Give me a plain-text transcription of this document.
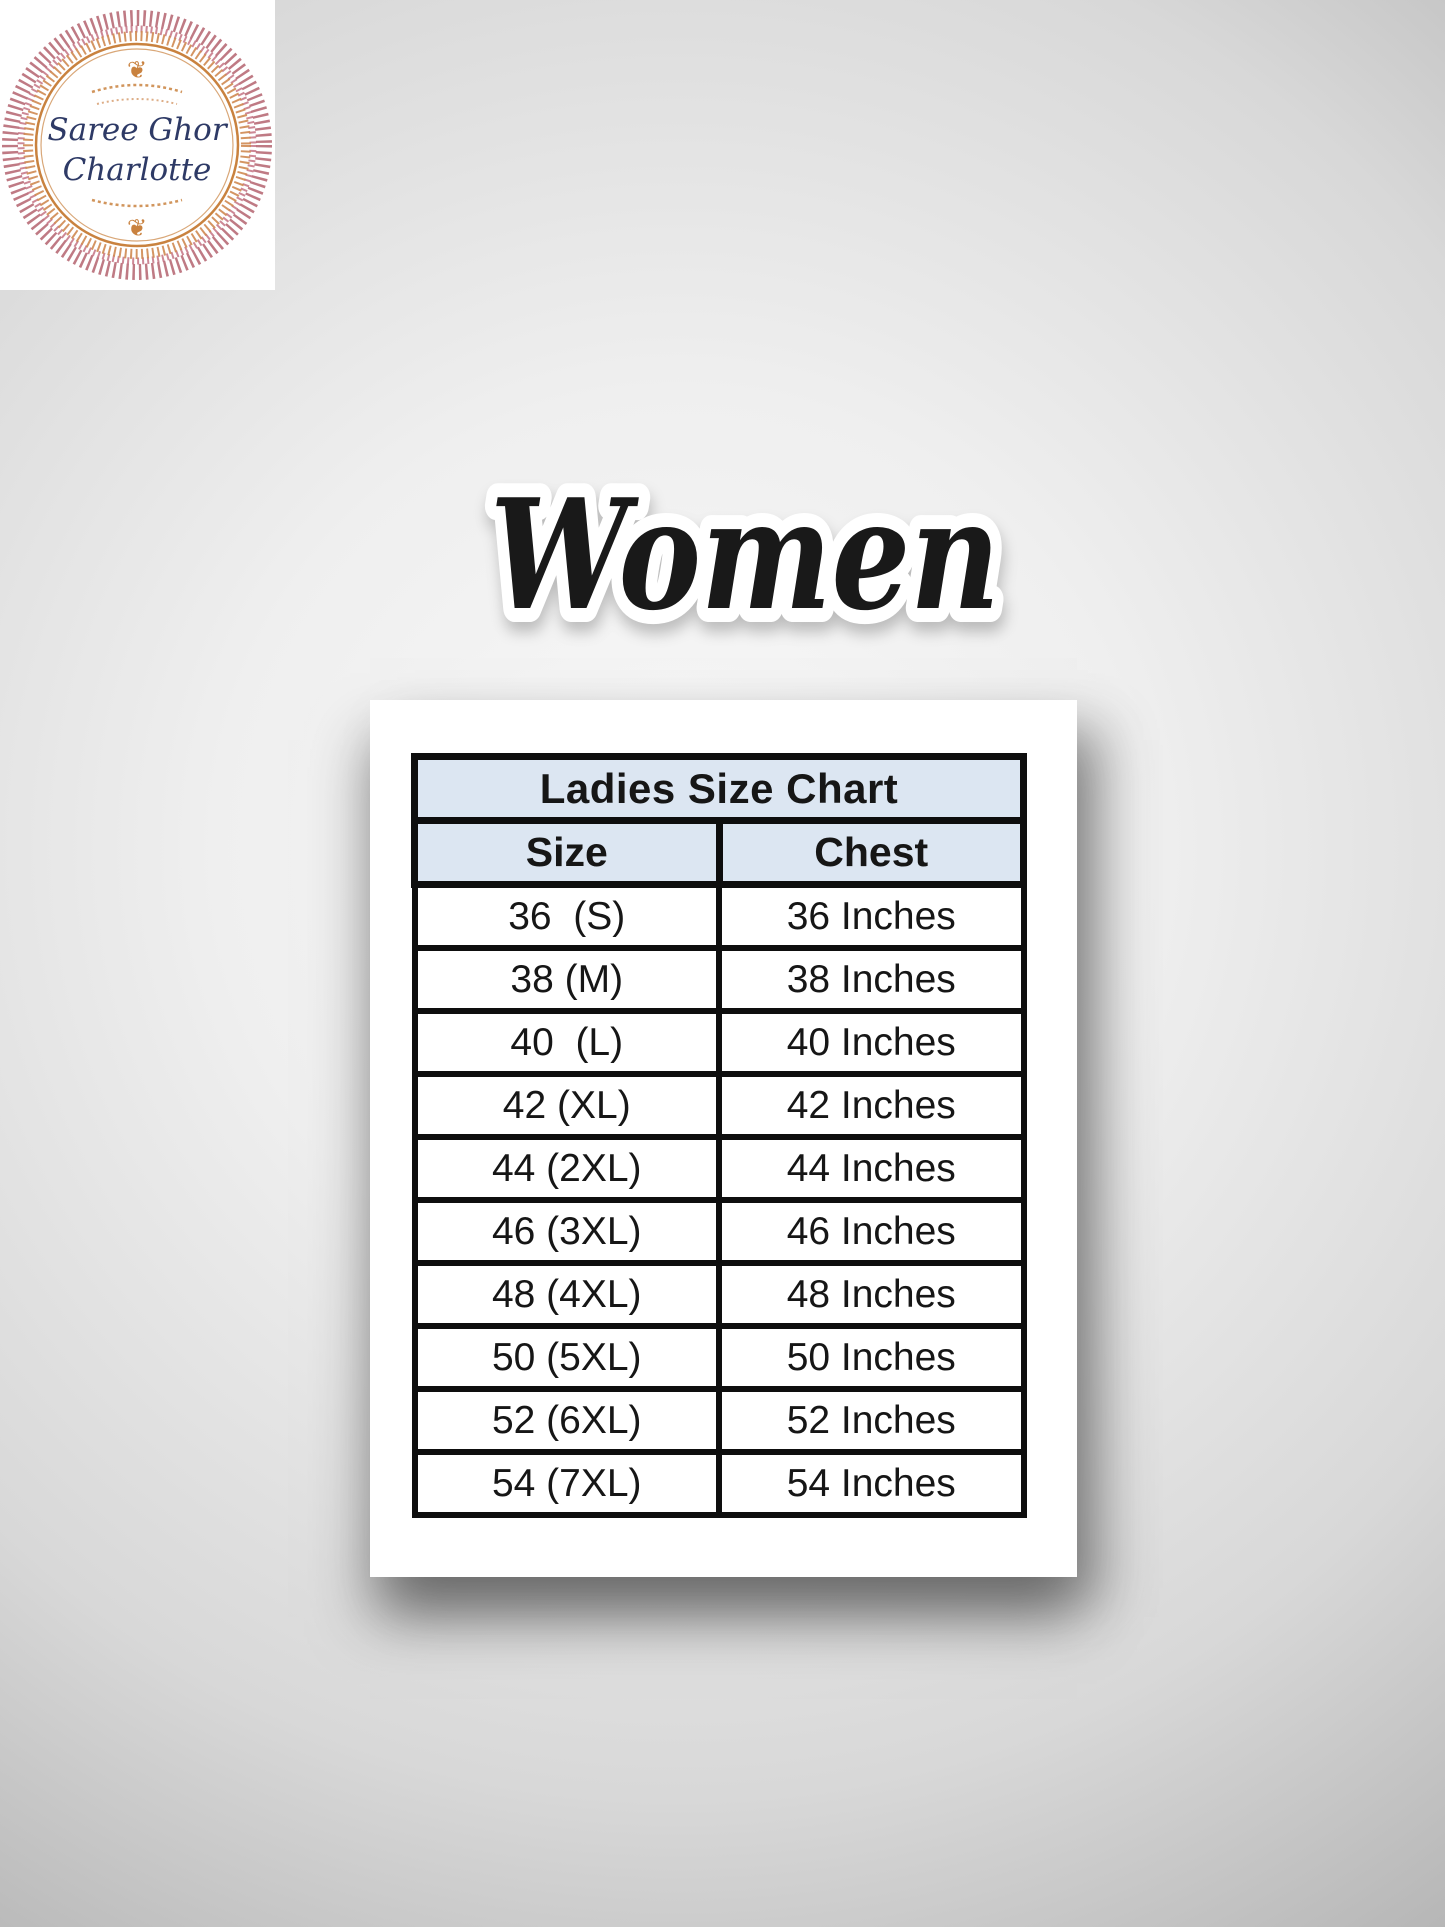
❦
❦
Saree Ghor
Charlotte
Women
Ladies Size Chart	
Size	Chest
36  (S)	36 Inches
38 (M)	38 Inches
40  (L)	40 Inches
42 (XL)	42 Inches
44 (2XL)	44 Inches
46 (3XL)	46 Inches
48 (4XL)	48 Inches
50 (5XL)	50 Inches
52 (6XL)	52 Inches
54 (7XL)	54 Inches
